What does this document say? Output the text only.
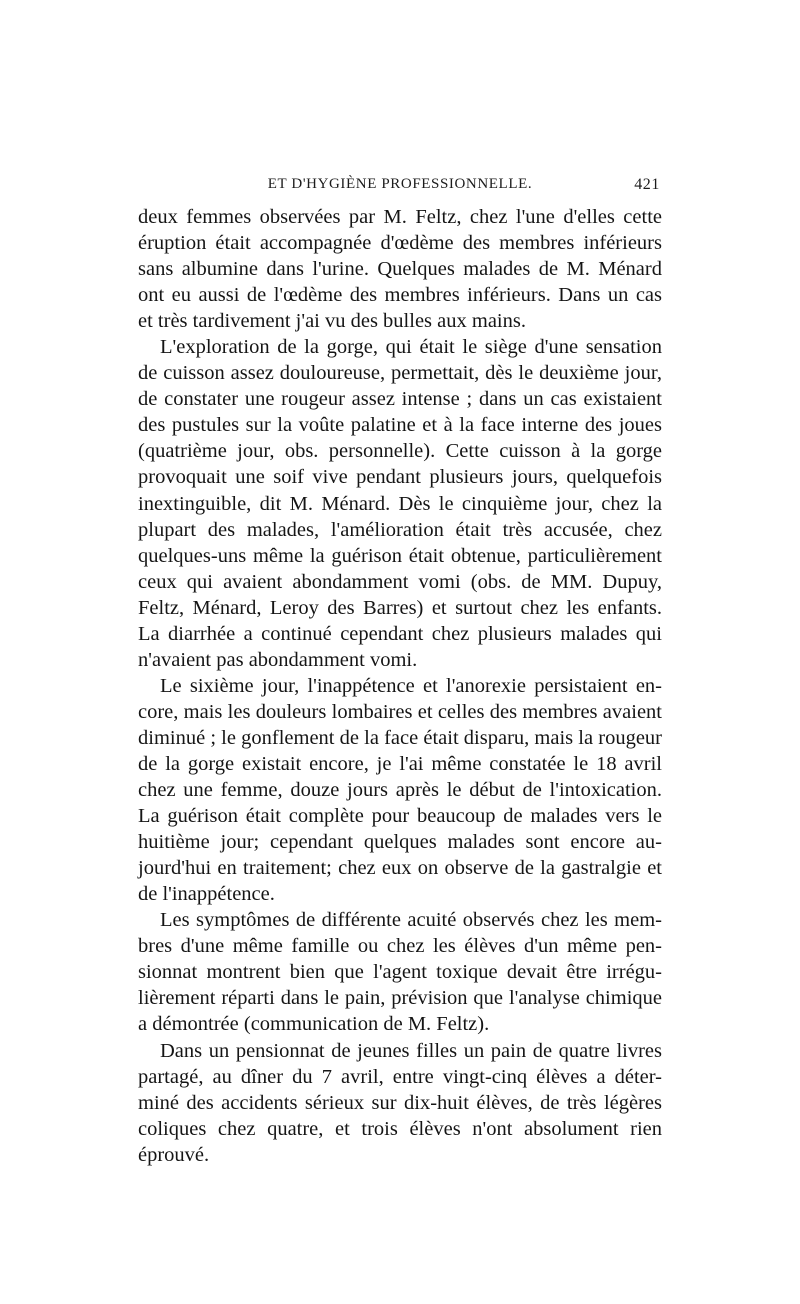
ET D'HYGIÈNE PROFESSIONNELLE.	421
deux femmes observées par M. Feltz, chez l'une d'elles cette
éruption était accompagnée d'œdème des membres inférieurs
sans albumine dans l'urine. Quelques malades de M. Ménard
ont eu aussi de l'œdème des membres inférieurs. Dans un cas
et très tardivement j'ai vu des bulles aux mains.
L'exploration de la gorge, qui était le siège d'une sensation
de cuisson assez douloureuse, permettait, dès le deuxième jour,
de constater une rougeur assez intense ; dans un cas existaient
des pustules sur la voûte palatine et à la face interne des joues
(quatrième jour, obs. personnelle). Cette cuisson à la gorge
provoquait une soif vive pendant plusieurs jours, quelquefois
inextinguible, dit M. Ménard. Dès le cinquième jour, chez la
plupart des malades, l'amélioration était très accusée, chez
quelques-uns même la guérison était obtenue, particulièrement
ceux qui avaient abondamment vomi (obs. de MM. Dupuy,
Feltz, Ménard, Leroy des Barres) et surtout chez les enfants.
La diarrhée a continué cependant chez plusieurs malades qui
n'avaient pas abondamment vomi.
Le sixième jour, l'inappétence et l'anorexie persistaient en-
core, mais les douleurs lombaires et celles des membres avaient
diminué ; le gonflement de la face était disparu, mais la rougeur
de la gorge existait encore, je l'ai même constatée le 18 avril
chez une femme, douze jours après le début de l'intoxication.
La guérison était complète pour beaucoup de malades vers le
huitième jour; cependant quelques malades sont encore au-
jourd'hui en traitement; chez eux on observe de la gastralgie et
de l'inappétence.
Les symptômes de différente acuité observés chez les mem-
bres d'une même famille ou chez les élèves d'un même pen-
sionnat montrent bien que l'agent toxique devait être irrégu-
lièrement réparti dans le pain, prévision que l'analyse chimique
a démontrée (communication de M. Feltz).
Dans un pensionnat de jeunes filles un pain de quatre livres
partagé, au dîner du 7 avril, entre vingt-cinq élèves a déter-
miné des accidents sérieux sur dix-huit élèves, de très légères
coliques chez quatre, et trois élèves n'ont absolument rien
éprouvé.
